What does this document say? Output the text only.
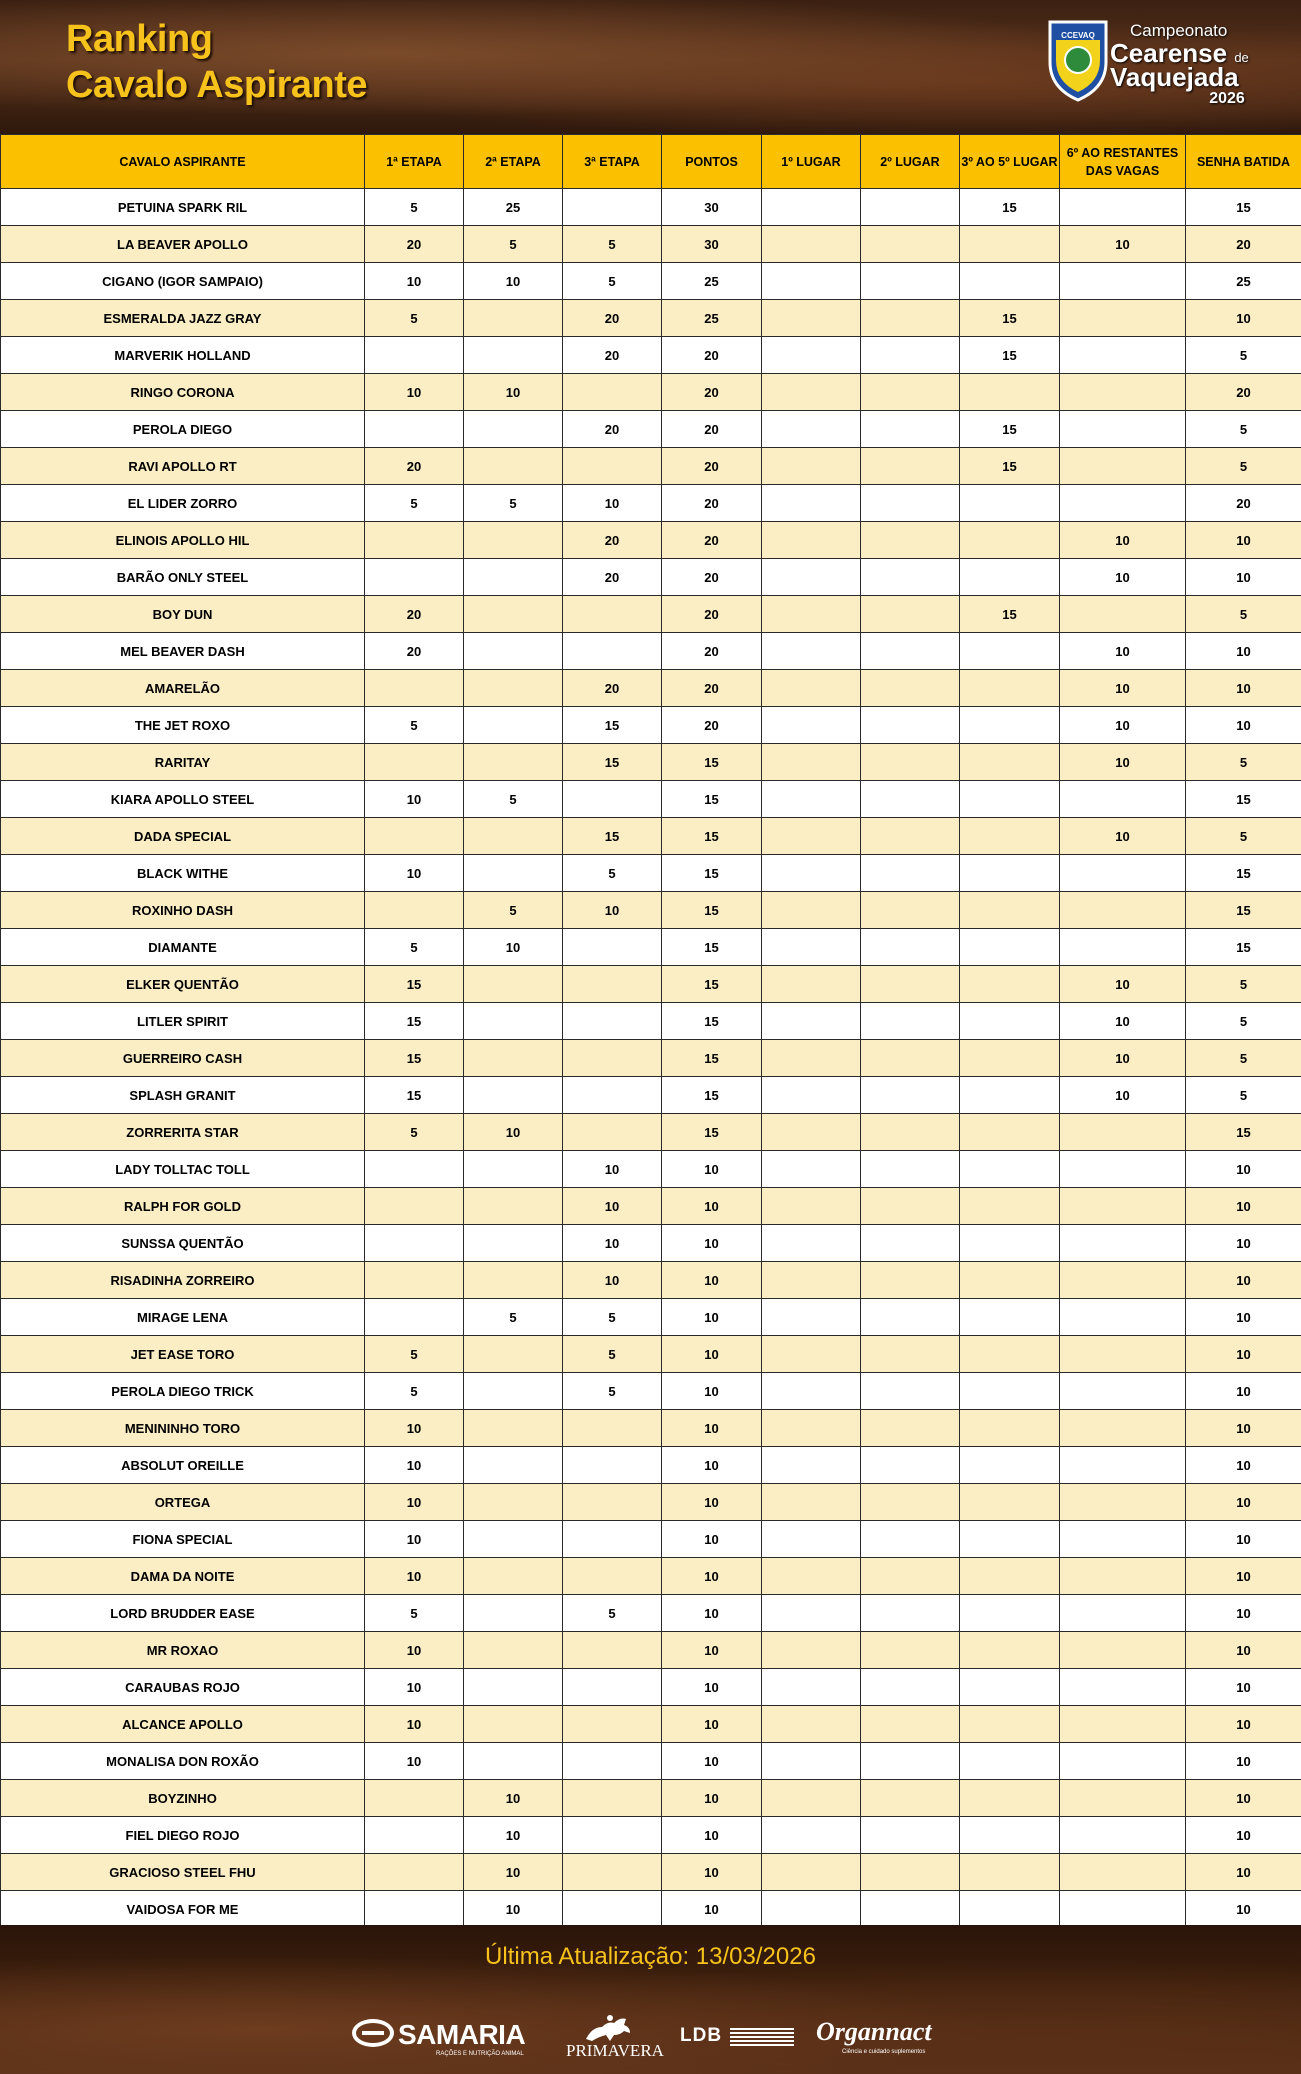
Ranking
Cavalo Aspirante
CCEVAQ Campeonato
Cearense de
Vaquejada
2026
CAVALO ASPIRANTE	1ª ETAPA	2ª ETAPA	3ª ETAPA	PONTOS	1º LUGAR	2º LUGAR	3º AO 5º LUGAR	6º AO RESTANTES DAS VAGAS	SENHA BATIDA
PETUINA SPARK RIL	5	25		30			15		15
LA BEAVER APOLLO	20	5	5	30				10	20
CIGANO (IGOR SAMPAIO)	10	10	5	25					25
ESMERALDA JAZZ GRAY	5		20	25			15		10
MARVERIK HOLLAND			20	20			15		5
RINGO CORONA	10	10		20					20
PEROLA DIEGO			20	20			15		5
RAVI APOLLO RT	20			20			15		5
EL LIDER ZORRO	5	5	10	20					20
ELINOIS APOLLO HIL			20	20				10	10
BARÃO ONLY STEEL			20	20				10	10
BOY DUN	20			20			15		5
MEL BEAVER DASH	20			20				10	10
AMARELÃO			20	20				10	10
THE JET ROXO	5		15	20				10	10
RARITAY			15	15				10	5
KIARA APOLLO STEEL	10	5		15					15
DADA SPECIAL			15	15				10	5
BLACK WITHE	10		5	15					15
ROXINHO DASH		5	10	15					15
DIAMANTE	5	10		15					15
ELKER QUENTÃO	15			15				10	5
LITLER SPIRIT	15			15				10	5
GUERREIRO CASH	15			15				10	5
SPLASH GRANIT	15			15				10	5
ZORRERITA STAR	5	10		15					15
LADY TOLLTAC TOLL			10	10					10
RALPH FOR GOLD			10	10					10
SUNSSA QUENTÃO			10	10					10
RISADINHA ZORREIRO			10	10					10
MIRAGE LENA		5	5	10					10
JET EASE TORO	5		5	10					10
PEROLA DIEGO TRICK	5		5	10					10
MENININHO TORO	10			10					10
ABSOLUT OREILLE	10			10					10
ORTEGA	10			10					10
FIONA SPECIAL	10			10					10
DAMA DA NOITE	10			10					10
LORD BRUDDER EASE	5		5	10					10
MR ROXAO	10			10					10
CARAUBAS ROJO	10			10					10
ALCANCE APOLLO	10			10					10
MONALISA DON ROXÃO	10			10					10
BOYZINHO		10		10					10
FIEL DIEGO ROJO		10		10					10
GRACIOSO STEEL FHU		10		10					10
VAIDOSA FOR ME		10		10					10
Última Atualização: 13/03/2026
SAMARIA
RAÇÕES E NUTRIÇÃO ANIMAL PRIMAVERA
LDB	Organnact
Ciência e cuidado suplementos
